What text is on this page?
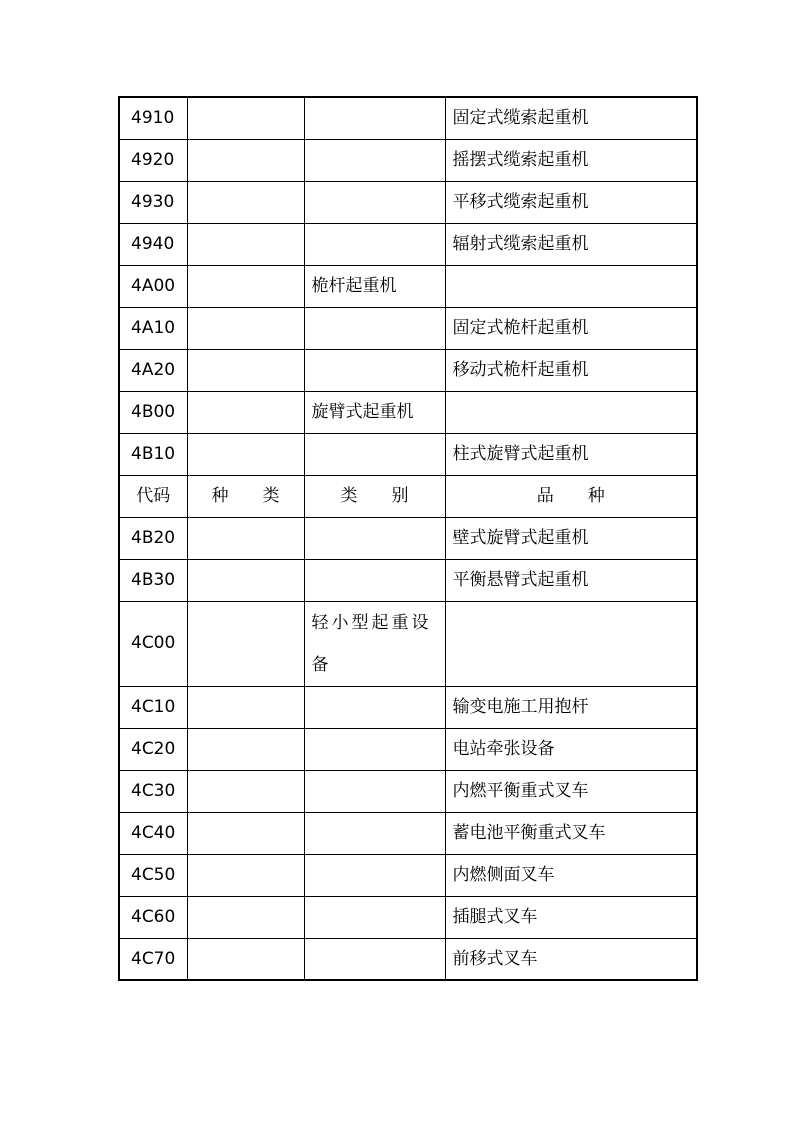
4910			固定式缆索起重机
4920			摇摆式缆索起重机
4930			平移式缆索起重机
4940			辐射式缆索起重机
4A00		桅杆起重机	
4A10			固定式桅杆起重机
4A20			移动式桅杆起重机
4B00		旋臂式起重机	
4B10			柱式旋臂式起重机
代码	种　　类	类　　别	品　　种
4B20			壁式旋臂式起重机
4B30			平衡悬臂式起重机
4C00		轻小型起重设备	
4C10			输变电施工用抱杆
4C20			电站牵张设备
4C30			内燃平衡重式叉车
4C40			蓄电池平衡重式叉车
4C50			内燃侧面叉车
4C60			插腿式叉车
4C70			前移式叉车
